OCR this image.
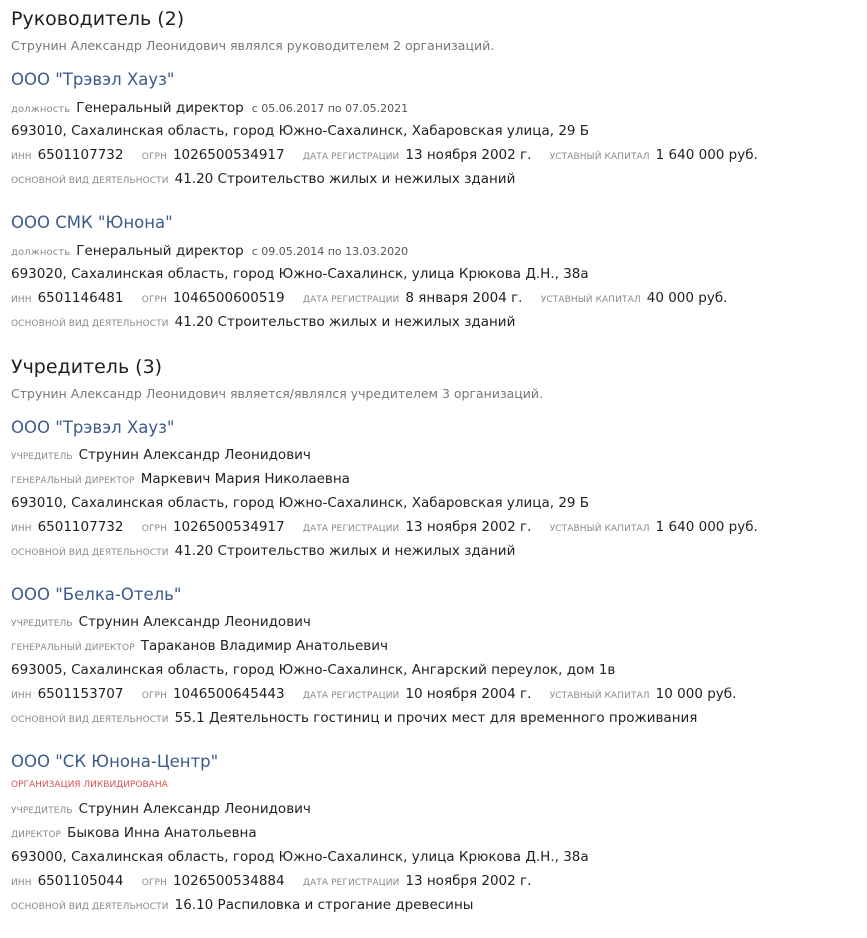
Руководитель (2)
Струнин Александр Леонидович являлся руководителем 2 организаций.
ООО "Трэвэл Хауз"
должность Генеральный директор с 05.06.2017 по 07.05.2021
693010, Сахалинская область, город Южно-Сахалинск, Хабаровская улица, 29 Б
ИНН 6501107732 ОГРН 1026500534917 ДАТА РЕГИСТРАЦИИ 13 ноября 2002 г. УСТАВНЫЙ КАПИТАЛ 1 640 000 руб.
ОСНОВНОЙ ВИД ДЕЯТЕЛЬНОСТИ 41.20 Строительство жилых и нежилых зданий
ООО СМК "Юнона"
должность Генеральный директор с 09.05.2014 по 13.03.2020
693020, Сахалинская область, город Южно-Сахалинск, улица Крюкова Д.Н., 38а
ИНН 6501146481 ОГРН 1046500600519 ДАТА РЕГИСТРАЦИИ 8 января 2004 г. УСТАВНЫЙ КАПИТАЛ 40 000 руб.
ОСНОВНОЙ ВИД ДЕЯТЕЛЬНОСТИ 41.20 Строительство жилых и нежилых зданий
Учредитель (3)
Струнин Александр Леонидович является/являлся учредителем 3 организаций.
ООО "Трэвэл Хауз"
УЧРЕДИТЕЛЬ Струнин Александр Леонидович
ГЕНЕРАЛЬНЫЙ ДИРЕКТОР Маркевич Мария Николаевна
693010, Сахалинская область, город Южно-Сахалинск, Хабаровская улица, 29 Б
ИНН 6501107732 ОГРН 1026500534917 ДАТА РЕГИСТРАЦИИ 13 ноября 2002 г. УСТАВНЫЙ КАПИТАЛ 1 640 000 руб.
ОСНОВНОЙ ВИД ДЕЯТЕЛЬНОСТИ 41.20 Строительство жилых и нежилых зданий
ООО "Белка-Отель"
УЧРЕДИТЕЛЬ Струнин Александр Леонидович
ГЕНЕРАЛЬНЫЙ ДИРЕКТОР Тараканов Владимир Анатольевич
693005, Сахалинская область, город Южно-Сахалинск, Ангарский переулок, дом 1в
ИНН 6501153707 ОГРН 1046500645443 ДАТА РЕГИСТРАЦИИ 10 ноября 2004 г. УСТАВНЫЙ КАПИТАЛ 10 000 руб.
ОСНОВНОЙ ВИД ДЕЯТЕЛЬНОСТИ 55.1 Деятельность гостиниц и прочих мест для временного проживания
ООО "СК Юнона-Центр"
ОРГАНИЗАЦИЯ ЛИКВИДИРОВАНА
УЧРЕДИТЕЛЬ Струнин Александр Леонидович
ДИРЕКТОР Быкова Инна Анатольевна
693000, Сахалинская область, город Южно-Сахалинск, улица Крюкова Д.Н., 38а
ИНН 6501105044 ОГРН 1026500534884 ДАТА РЕГИСТРАЦИИ 13 ноября 2002 г.
ОСНОВНОЙ ВИД ДЕЯТЕЛЬНОСТИ 16.10 Распиловка и строгание древесины
